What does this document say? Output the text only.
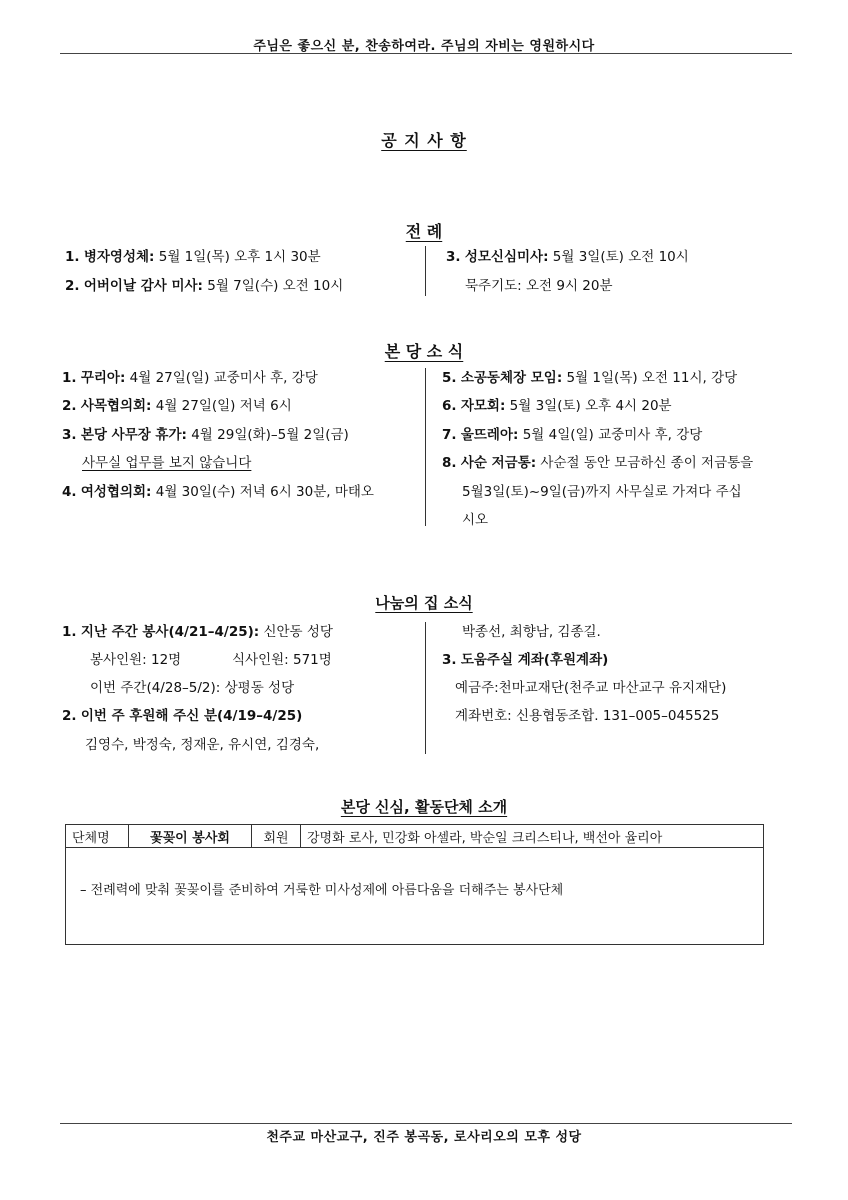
주님은 좋으신 분, 찬송하여라. 주님의 자비는 영원하시다
공 지 사 항
전 례
1. 병자영성체: 5월 1일(목) 오후 1시 30분
2. 어버이날 감사 미사: 5월 7일(수) 오전 10시
3. 성모신심미사: 5월 3일(토) 오전 10시
묵주기도: 오전 9시 20분
본 당 소 식
1. 꾸리아: 4월 27일(일) 교중미사 후, 강당
2. 사목협의회: 4월 27일(일) 저녁 6시
3. 본당 사무장 휴가: 4월 29일(화)–5월 2일(금)
사무실 업무를 보지 않습니다
4. 여성협의회: 4월 30일(수) 저녁 6시 30분, 마태오
5. 소공동체장 모임: 5월 1일(목) 오전 11시, 강당
6. 자모회: 5월 3일(토) 오후 4시 20분
7. 울뜨레아: 5월 4일(일) 교중미사 후, 강당
8. 사순 저금통: 사순절 동안 모금하신 종이 저금통을
5월3일(토)~9일(금)까지 사무실로 가져다 주십
시오
나눔의 집 소식
1. 지난 주간 봉사(4/21–4/25): 신안동 성당
봉사인원: 12명	식사인원: 571명
이번 주간(4/28–5/2): 상평동 성당
2. 이번 주 후원해 주신 분(4/19–4/25)
김영수, 박정숙, 정재운, 유시연, 김경숙,
박종선, 최향남, 김종길.
3. 도움주실 계좌(후원계좌)
예금주:천마교재단(천주교 마산교구 유지재단)
계좌번호: 신용협동조합. 131–005–045525
본당 신심, 활동단체 소개
단체명	꽃꽂이 봉사회	회원	강명화 로사, 민강화 아셀라, 박순일 크리스티나, 백선아 율리아
– 전례력에 맞춰 꽃꽂이를 준비하여 거룩한 미사성제에 아름다움을 더해주는 봉사단체
천주교 마산교구, 진주 봉곡동, 로사리오의 모후 성당
